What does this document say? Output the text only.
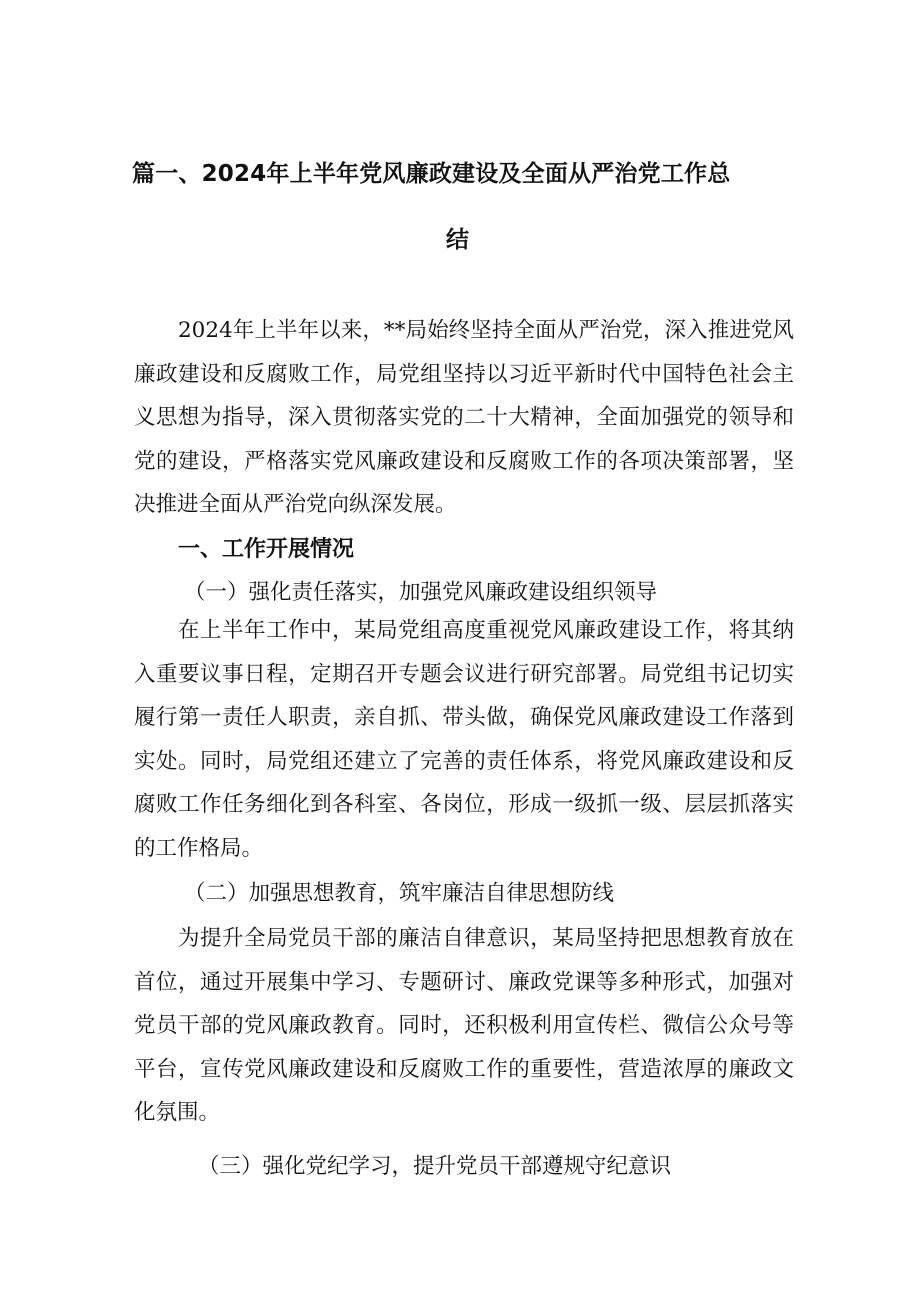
篇一、2024年上半年党风廉政建设及全面从严治党工作总
结

2024年上半年以来，**局始终坚持全面从严治党，深入推进党风廉政建设和反腐败工作，局党组坚持以习近平新时代中国特色社会主义思想为指导，深入贯彻落实党的二十大精神，全面加强党的领导和党的建设，严格落实党风廉政建设和反腐败工作的各项决策部署，坚决推进全面从严治党向纵深发展。

一、工作开展情况
（一）强化责任落实，加强党风廉政建设组织领导

在上半年工作中，某局党组高度重视党风廉政建设工作，将其纳入重要议事日程，定期召开专题会议进行研究部署。局党组书记切实履行第一责任人职责，亲自抓、带头做，确保党风廉政建设工作落到实处。同时，局党组还建立了完善的责任体系，将党风廉政建设和反腐败工作任务细化到各科室、各岗位，形成一级抓一级、层层抓落实的工作格局。

（二）加强思想教育，筑牢廉洁自律思想防线

为提升全局党员干部的廉洁自律意识，某局坚持把思想教育放在首位，通过开展集中学习、专题研讨、廉政党课等多种形式，加强对党员干部的党风廉政教育。同时，还积极利用宣传栏、微信公众号等平台，宣传党风廉政建设和反腐败工作的重要性，营造浓厚的廉政文化氛围。

（三）强化党纪学习，提升党员干部遵规守纪意识
